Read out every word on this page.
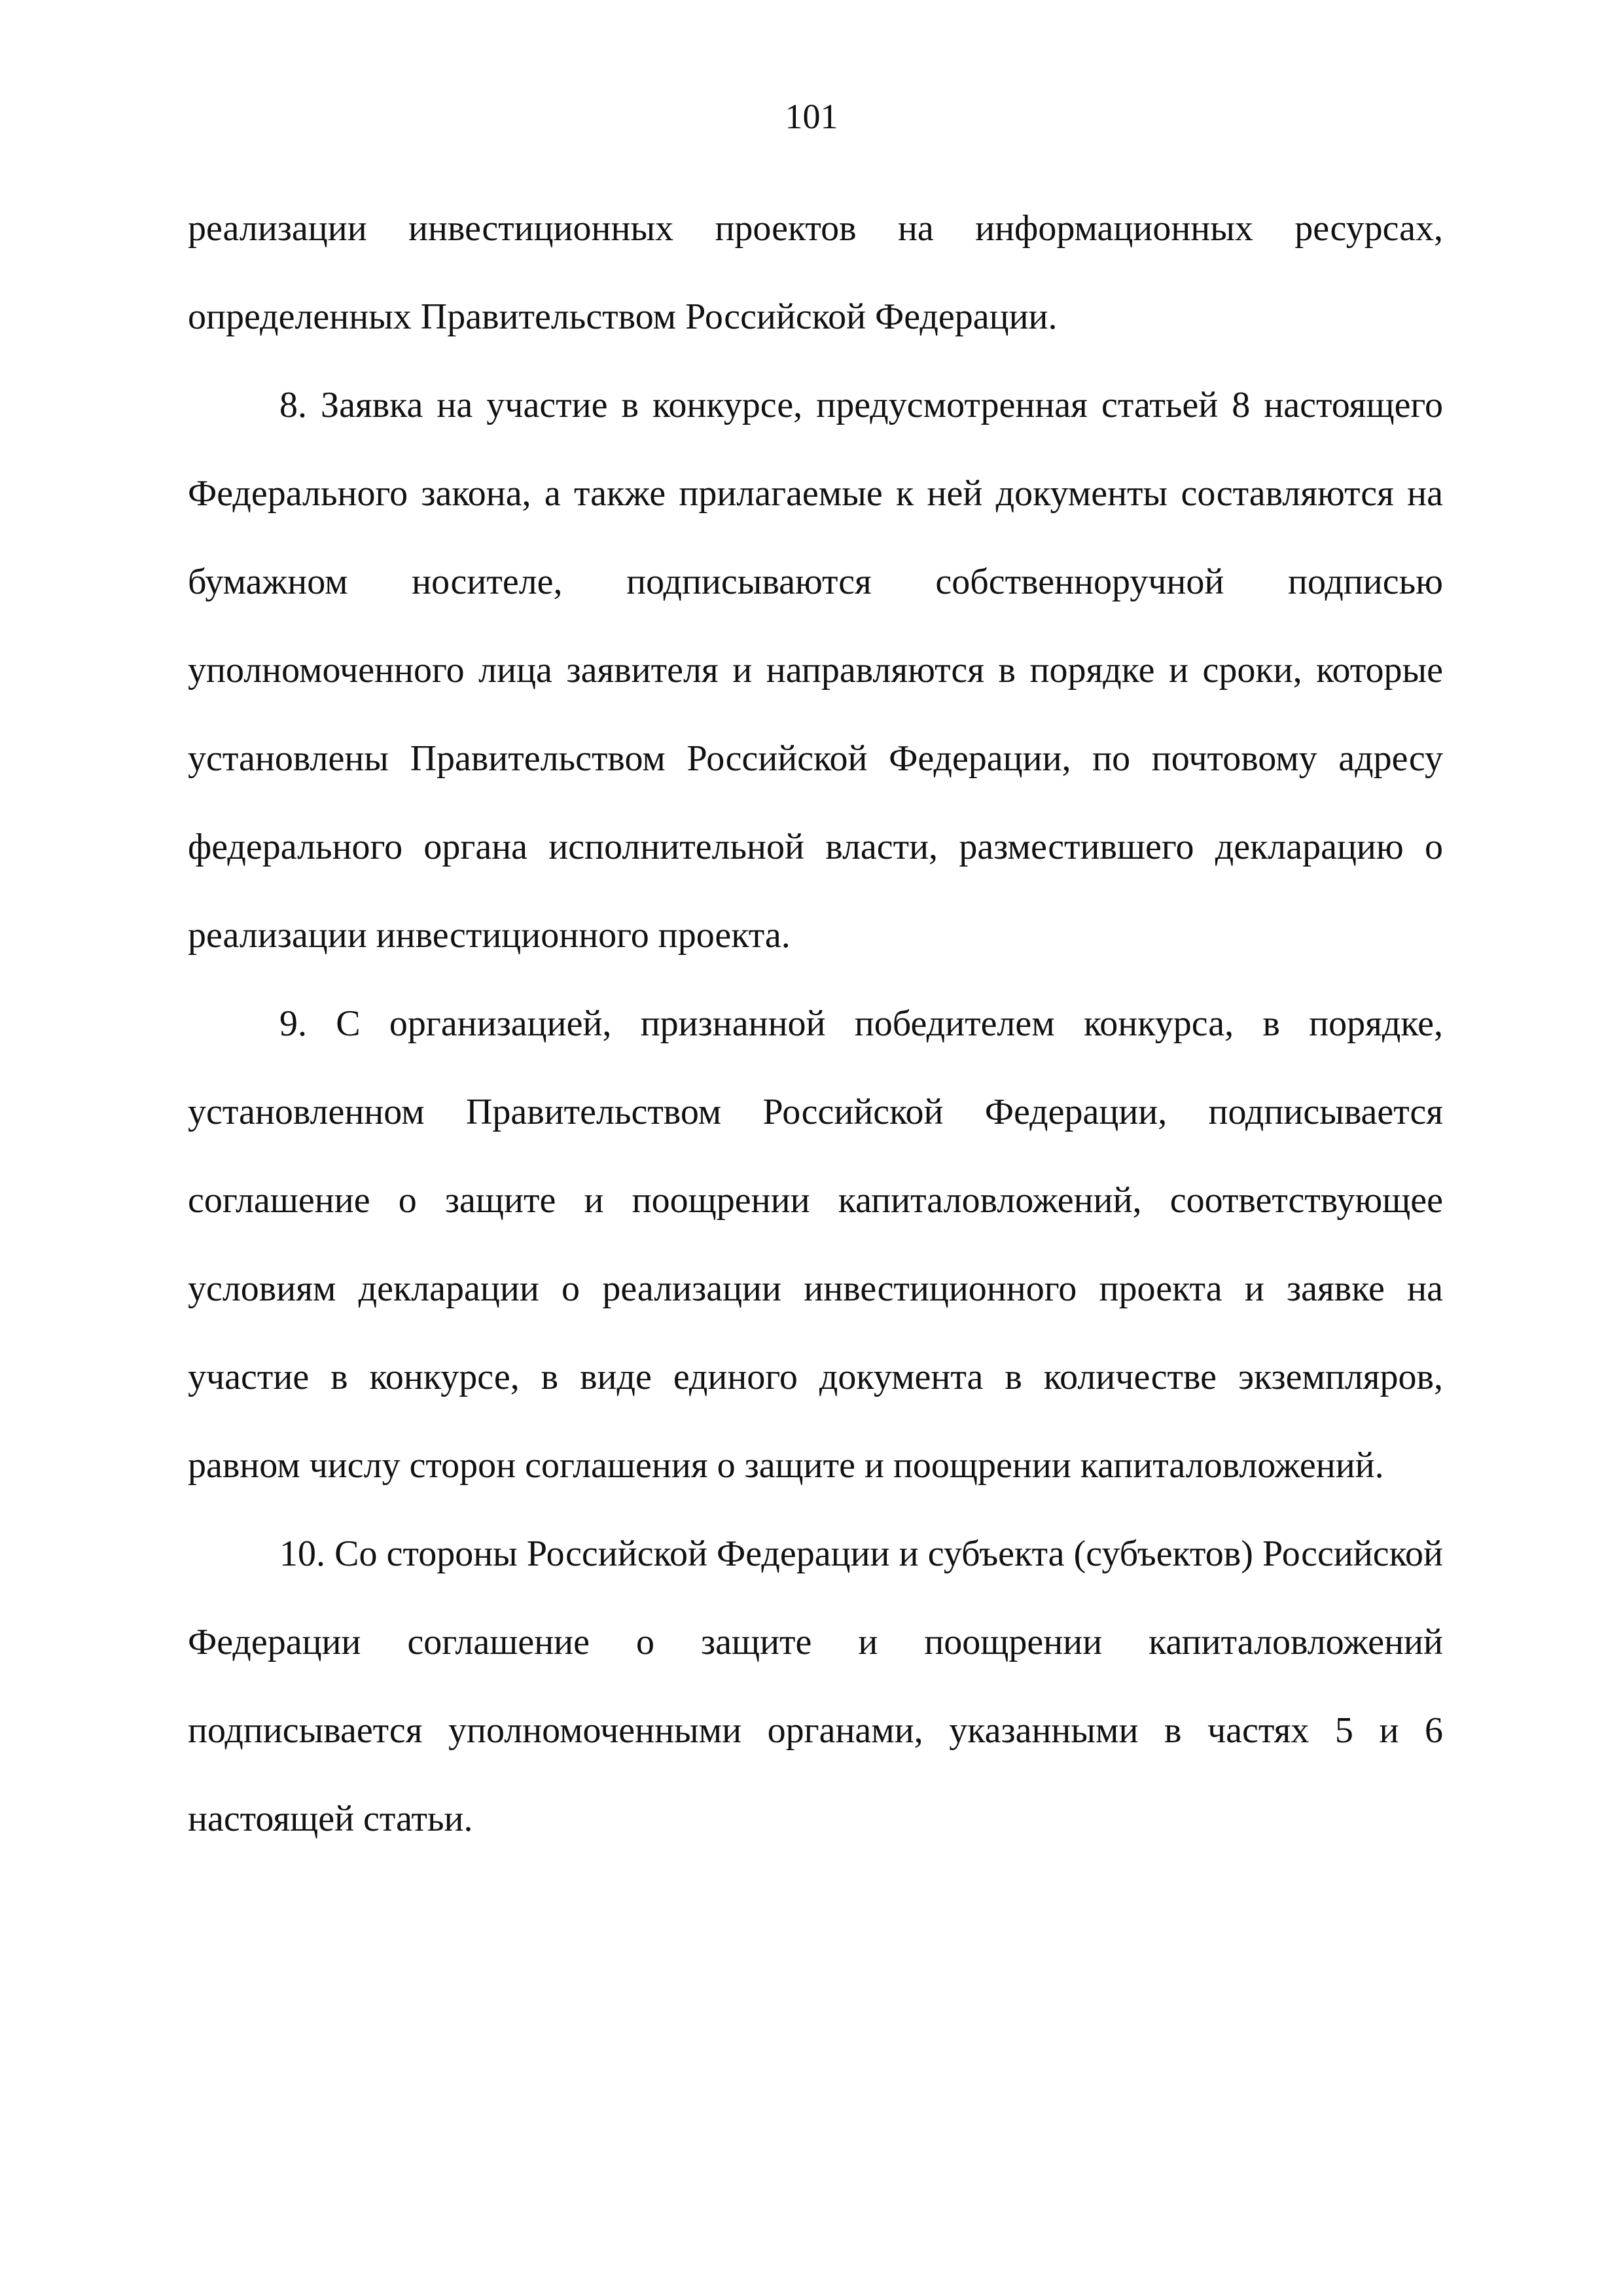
101

реализации инвестиционных проектов на информационных ресурсах, определенных Правительством Российской Федерации.

8. Заявка на участие в конкурсе, предусмотренная статьей 8 настоящего Федерального закона, а также прилагаемые к ней документы составляются на бумажном носителе, подписываются собственноручной подписью уполномоченного лица заявителя и направляются в порядке и сроки, которые установлены Правительством Российской Федерации, по почтовому адресу федерального органа исполнительной власти, разместившего декларацию о реализации инвестиционного проекта.

9. С организацией, признанной победителем конкурса, в порядке, установленном Правительством Российской Федерации, подписывается соглашение о защите и поощрении капиталовложений, соответствующее условиям декларации о реализации инвестиционного проекта и заявке на участие в конкурсе, в виде единого документа в количестве экземпляров, равном числу сторон соглашения о защите и поощрении капиталовложений.

10. Со стороны Российской Федерации и субъекта (субъектов) Российской Федерации соглашение о защите и поощрении капиталовложений подписывается уполномоченными органами, указанными в частях 5 и 6 настоящей статьи.
